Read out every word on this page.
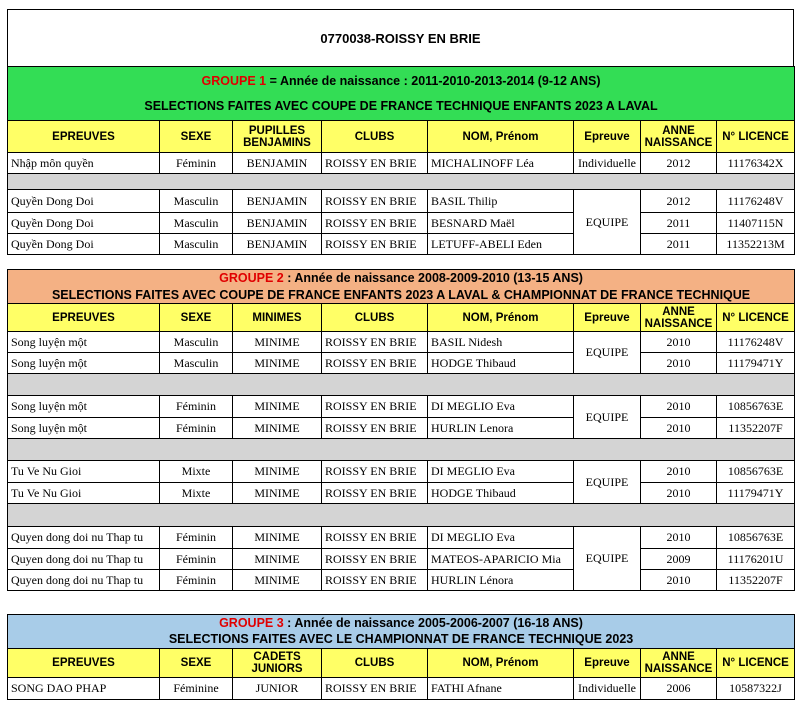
0770038-ROISSY EN BRIE
GROUPE 1 = Année de naissance : 2011-2010-2013-2014 (9-12 ANS)
SELECTIONS FAITES AVEC COUPE DE FRANCE TECHNIQUE ENFANTS 2023 A LAVAL							

EPREUVES	SEXE	PUPILLES BENJAMINS	CLUBS	NOM, Prénom	Epreuve	ANNE NAISSANCE	N° LICENCE
Nhập môn quyền	Féminin	BENJAMIN	ROISSY EN BRIE	MICHALINOFF Léa	Individuelle	2012	11176342X

Quyền Dong Doi	Masculin	BENJAMIN	ROISSY EN BRIE	BASIL Thilip	EQUIPE	2012	11176248V
Quyền Dong Doi	Masculin	BENJAMIN	ROISSY EN BRIE	BESNARD Maël		2011	11407115N
Quyền Dong Doi	Masculin	BENJAMIN	ROISSY EN BRIE	LETUFF-ABELI Eden		2011	11352213M
GROUPE 2 : Année de naissance 2008-2009-2010 (13-15 ANS)
SELECTIONS FAITES AVEC COUPE DE FRANCE ENFANTS 2023 A LAVAL & CHAMPIONNAT DE FRANCE TECHNIQUE							

EPREUVES	SEXE	MINIMES	CLUBS	NOM, Prénom	Epreuve	ANNE NAISSANCE	N° LICENCE
Song luyện một	Masculin	MINIME	ROISSY EN BRIE	BASIL Nidesh	EQUIPE	2010	11176248V
Song luyện một	Masculin	MINIME	ROISSY EN BRIE	HODGE Thibaud		2010	11179471Y

Song luyện một	Féminin	MINIME	ROISSY EN BRIE	DI MEGLIO Eva	EQUIPE	2010	10856763E
Song luyện một	Féminin	MINIME	ROISSY EN BRIE	HURLIN Lenora		2010	11352207F

Tu Ve Nu Gioi	Mixte	MINIME	ROISSY EN BRIE	DI MEGLIO Eva	EQUIPE	2010	10856763E
Tu Ve Nu Gioi	Mixte	MINIME	ROISSY EN BRIE	HODGE Thibaud		2010	11179471Y

Quyen dong doi nu Thap tu	Féminin	MINIME	ROISSY EN BRIE	DI MEGLIO Eva	EQUIPE	2010	10856763E
Quyen dong doi nu Thap tu	Féminin	MINIME	ROISSY EN BRIE	MATEOS-APARICIO Mia		2009	11176201U
Quyen dong doi nu Thap tu	Féminin	MINIME	ROISSY EN BRIE	HURLIN Lénora		2010	11352207F
GROUPE 3 : Année de naissance 2005-2006-2007 (16-18 ANS)
SELECTIONS FAITES AVEC LE CHAMPIONNAT DE FRANCE TECHNIQUE 2023							

EPREUVES	SEXE	CADETS JUNIORS	CLUBS	NOM, Prénom	Epreuve	ANNE NAISSANCE	N° LICENCE
SONG DAO PHAP	Féminine	JUNIOR	ROISSY EN BRIE	FATHI Afnane	Individuelle	2006	10587322J
